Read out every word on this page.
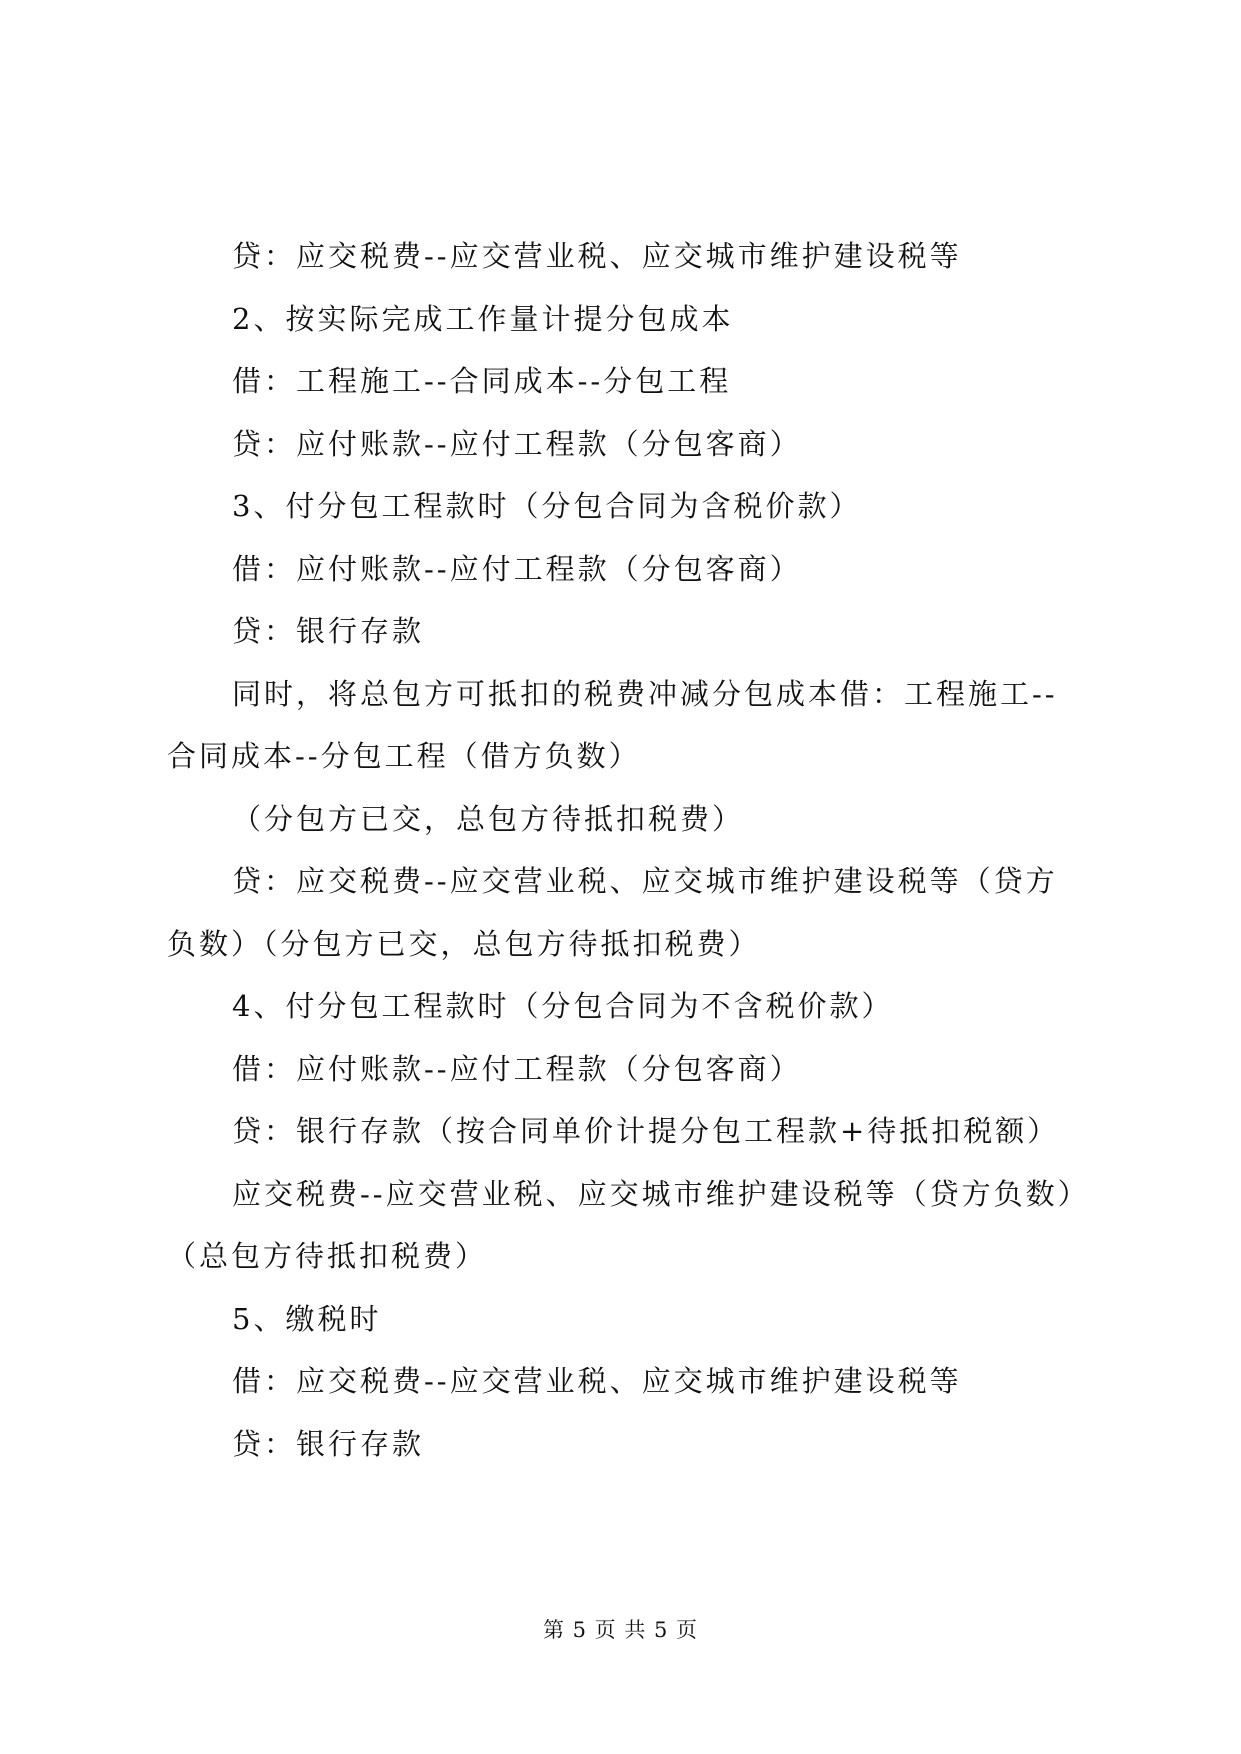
贷：应交税费--应交营业税、应交城市维护建设税等
2、按实际完成工作量计提分包成本
借：工程施工--合同成本--分包工程
贷：应付账款--应付工程款（分包客商）
3、付分包工程款时（分包合同为含税价款）
借：应付账款--应付工程款（分包客商）
贷：银行存款
同时，将总包方可抵扣的税费冲减分包成本借：工程施工--
合同成本--分包工程（借方负数）
（分包方已交，总包方待抵扣税费）
贷：应交税费--应交营业税、应交城市维护建设税等（贷方
负数）（分包方已交，总包方待抵扣税费）
4、付分包工程款时（分包合同为不含税价款）
借：应付账款--应付工程款（分包客商）
贷：银行存款（按合同单价计提分包工程款+待抵扣税额）
应交税费--应交营业税、应交城市维护建设税等（贷方负数）
（总包方待抵扣税费）
5、缴税时
借：应交税费--应交营业税、应交城市维护建设税等
贷：银行存款
第 5 页 共 5 页
